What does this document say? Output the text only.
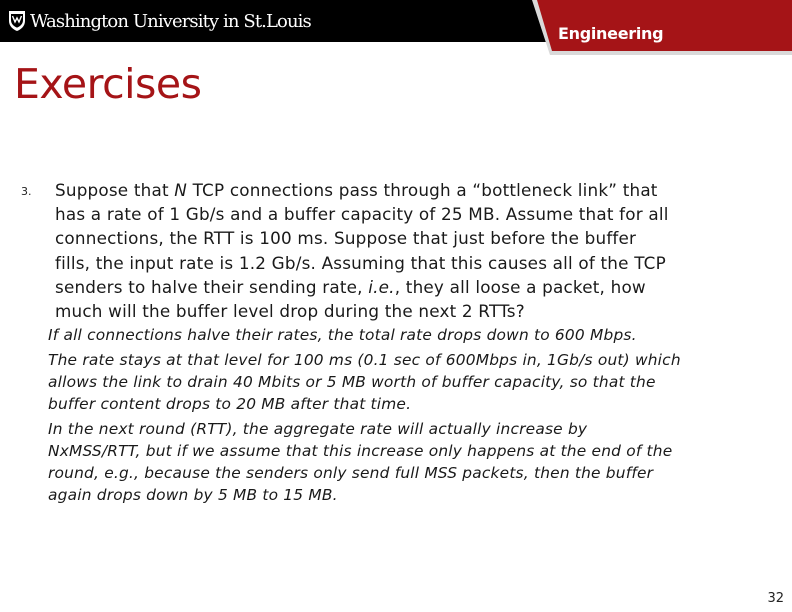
Washington University in St.Louis
Engineering
Exercises
3. Suppose that N TCP connections pass through a “bottleneck link” that

has a rate of 1 Gb/s and a buffer capacity of 25 MB. Assume that for all

connections, the RTT is 100 ms. Suppose that just before the buffer

fills, the input rate is 1.2 Gb/s. Assuming that this causes all of the TCP

senders to halve their sending rate, i.e., they all loose a packet, how

much will the buffer level drop during the next 2 RTTs?

If all connections halve their rates, the total rate drops down to 600 Mbps.

The rate stays at that level for 100 ms (0.1 sec of 600Mbps in, 1Gb/s out) which

allows the link to drain 40 Mbits or 5 MB worth of buffer capacity, so that the

buffer content drops to 20 MB after that time.

In the next round (RTT), the aggregate rate will actually increase by

NxMSS/RTT, but if we assume that this increase only happens at the end of the

round, e.g., because the senders only send full MSS packets, then the buffer

again drops down by 5 MB to 15 MB.

32
